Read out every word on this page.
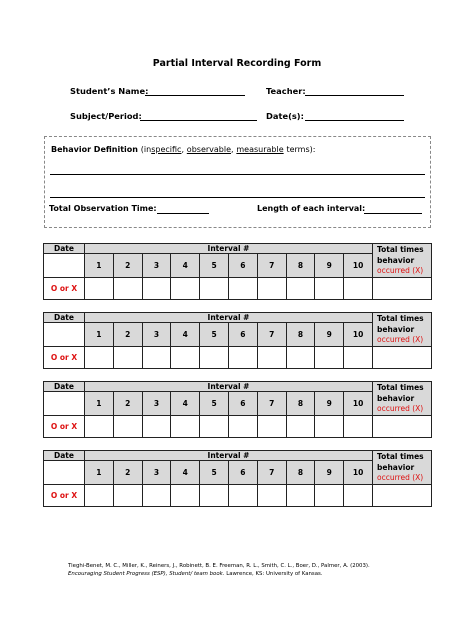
Partial Interval Recording Form
Student’s Name:	Teacher:
Subject/Period:	Date(s):
Behavior Definition (inspecific, observable, measurable terms):
Total Observation Time:	Length of each interval:
Date	Interval #										Total times
behavior
occurred (X)
	1	2	3	4	5	6	7	8	9	10	
O or X											
Date	Interval #										Total times
behavior
occurred (X)
	1	2	3	4	5	6	7	8	9	10	
O or X											
Date	Interval #										Total times
behavior
occurred (X)
	1	2	3	4	5	6	7	8	9	10	
O or X											
Date	Interval #										Total times
behavior
occurred (X)
	1	2	3	4	5	6	7	8	9	10	
O or X											
Tieghi-Benet, M. C., Miller, K., Reiners, J., Robinett, B. E. Freeman, R. L., Smith, C. L., Boer, D., Palmer, A. (2003).
Encouraging Student Progress (ESP), Student/ team book. Lawrence, KS: University of Kansas.
